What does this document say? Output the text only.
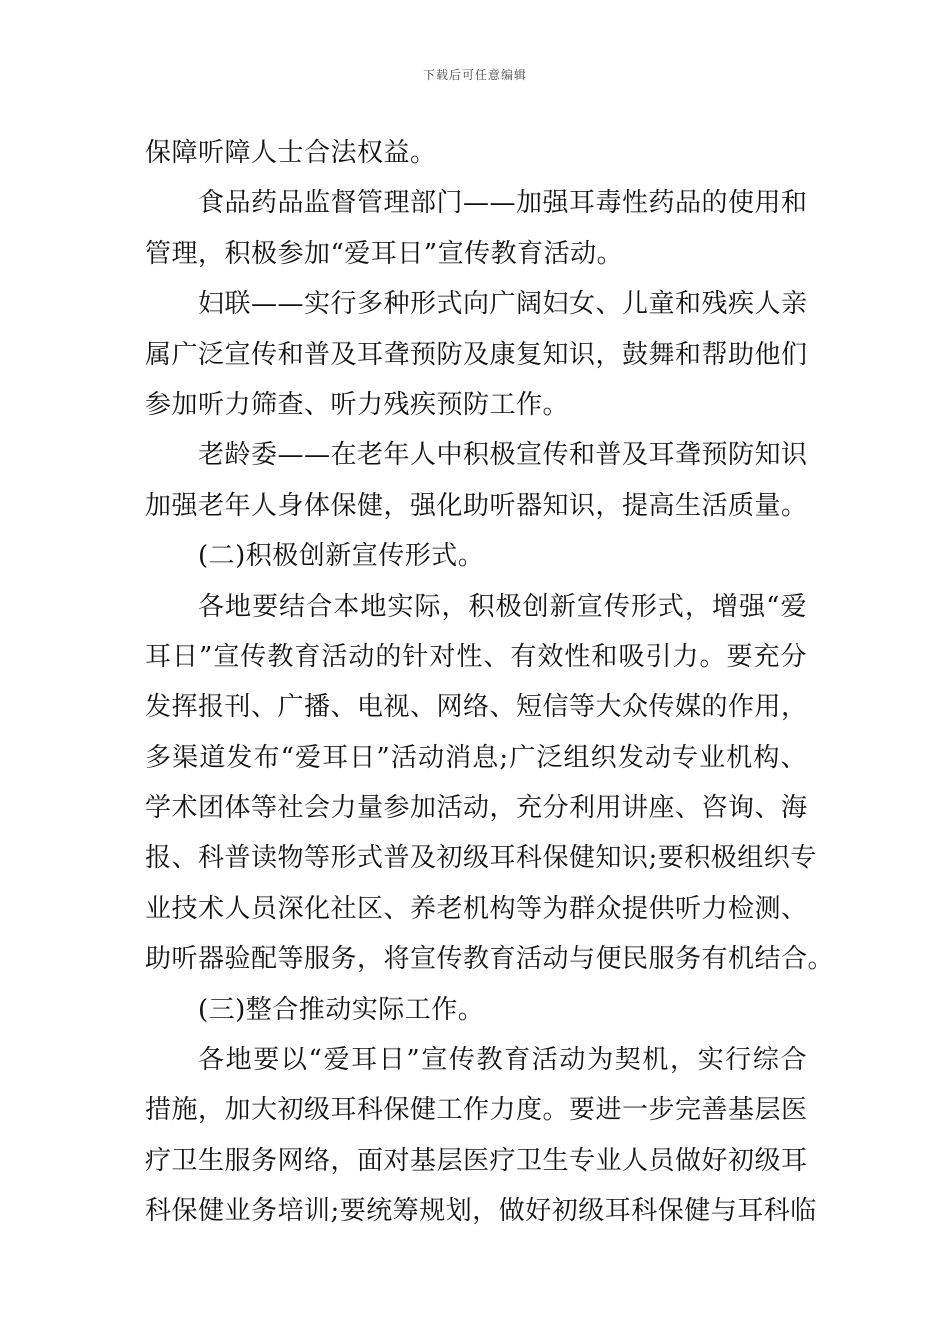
下载后可任意编辑
保障听障人士合法权益。
食品药品监督管理部门——加强耳毒性药品的使用和
管理，积极参加“爱耳日”宣传教育活动。
妇联——实行多种形式向广阔妇女、儿童和残疾人亲
属广泛宣传和普及耳聋预防及康复知识，鼓舞和帮助他们
参加听力筛查、听力残疾预防工作。
老龄委——在老年人中积极宣传和普及耳聋预防知识
加强老年人身体保健，强化助听器知识，提高生活质量。
(二)积极创新宣传形式。
各地要结合本地实际，积极创新宣传形式，增强“爱
耳日”宣传教育活动的针对性、有效性和吸引力。要充分
发挥报刊、广播、电视、网络、短信等大众传媒的作用，
多渠道发布“爱耳日”活动消息;广泛组织发动专业机构、
学术团体等社会力量参加活动，充分利用讲座、咨询、海
报、科普读物等形式普及初级耳科保健知识;要积极组织专
业技术人员深化社区、养老机构等为群众提供听力检测、
助听器验配等服务，将宣传教育活动与便民服务有机结合。
(三)整合推动实际工作。
各地要以“爱耳日”宣传教育活动为契机，实行综合
措施，加大初级耳科保健工作力度。要进一步完善基层医
疗卫生服务网络，面对基层医疗卫生专业人员做好初级耳
科保健业务培训;要统筹规划，做好初级耳科保健与耳科临
